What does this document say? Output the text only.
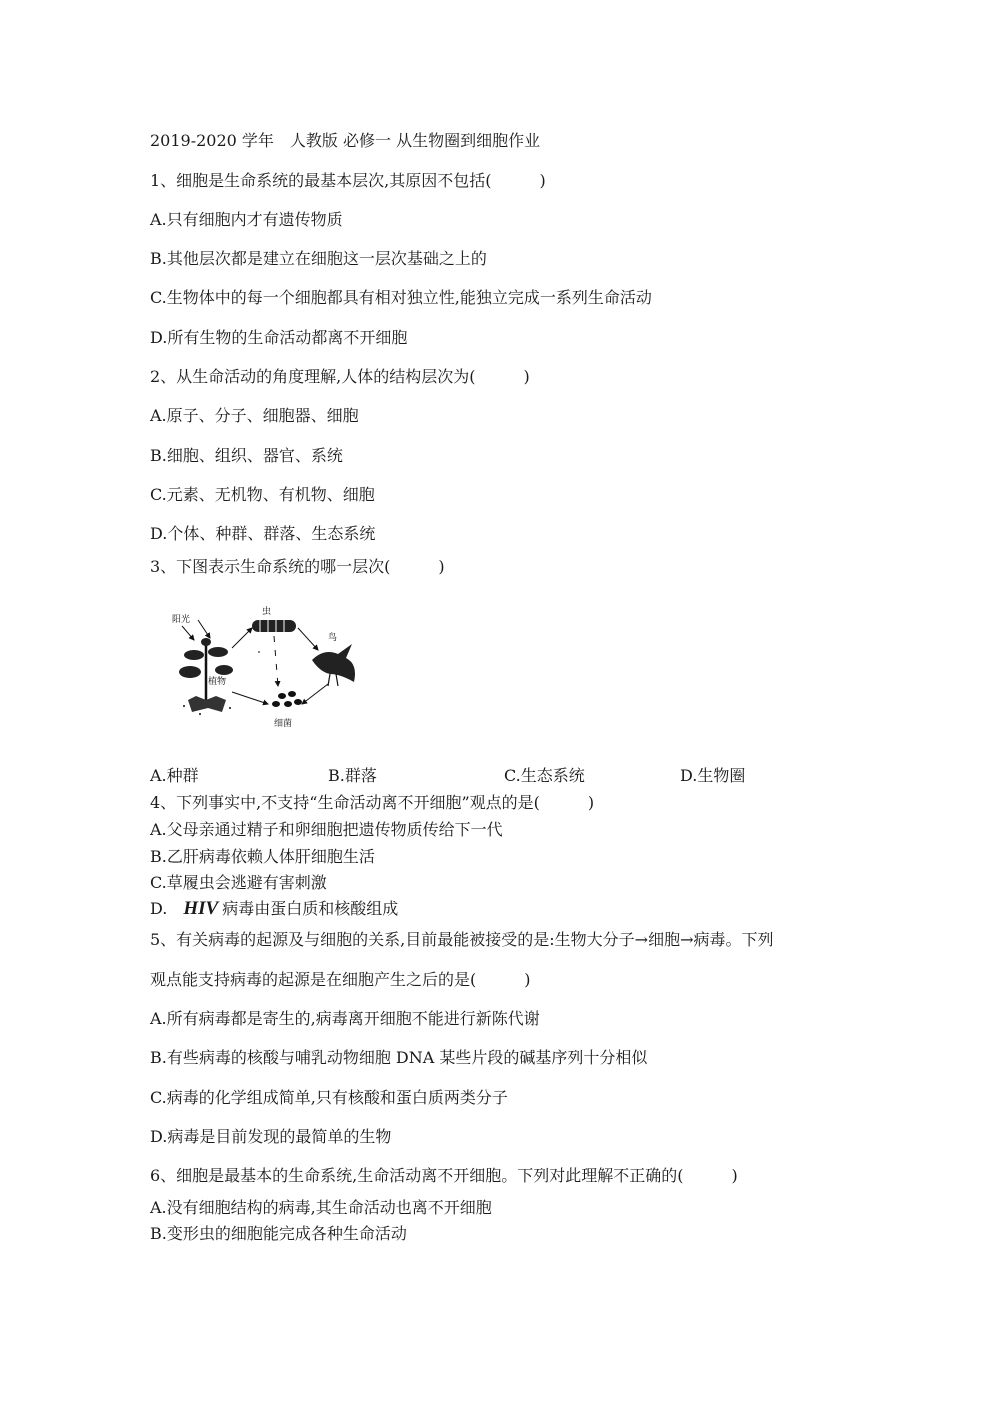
2019-2020 学年　人教版 必修一 从生物圈到细胞作业
1、细胞是生命系统的最基本层次,其原因不包括(　　　)
A.只有细胞内才有遗传物质
B.其他层次都是建立在细胞这一层次基础之上的
C.生物体中的每一个细胞都具有相对独立性,能独立完成一系列生命活动
D.所有生物的生命活动都离不开细胞
2、从生命活动的角度理解,人体的结构层次为(　　　)
A.原子、分子、细胞器、细胞
B.细胞、组织、器官、系统
C.元素、无机物、有机物、细胞
D.个体、种群、群落、生态系统
3、下图表示生命系统的哪一层次(　　　)
阳光
植物
虫
鸟
细菌
A.种群	B.群落	C.生态系统	D.生物圈
4、下列事实中,不支持“生命活动离不开细胞”观点的是(　　　)
A.父母亲通过精子和卵细胞把遗传物质传给下一代
B.乙肝病毒依赖人体肝细胞生活
C.草履虫会逃避有害刺激
D. HIV 病毒由蛋白质和核酸组成
5、有关病毒的起源及与细胞的关系,目前最能被接受的是:生物大分子→细胞→病毒。下列
观点能支持病毒的起源是在细胞产生之后的是(　　　)
A.所有病毒都是寄生的,病毒离开细胞不能进行新陈代谢
B.有些病毒的核酸与哺乳动物细胞 DNA 某些片段的碱基序列十分相似
C.病毒的化学组成简单,只有核酸和蛋白质两类分子
D.病毒是目前发现的最简单的生物
6、细胞是最基本的生命系统,生命活动离不开细胞。下列对此理解不正确的(　　　)
A.没有细胞结构的病毒,其生命活动也离不开细胞
B.变形虫的细胞能完成各种生命活动
